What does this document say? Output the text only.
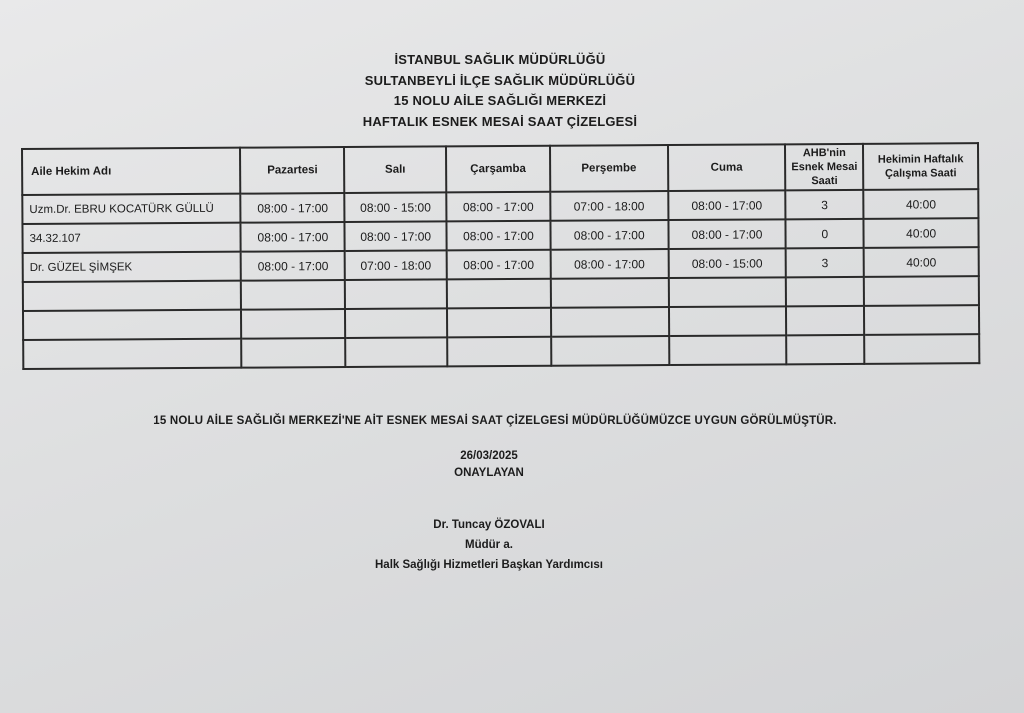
İSTANBUL SAĞLIK MÜDÜRLÜĞÜ
SULTANBEYLİ İLÇE SAĞLIK MÜDÜRLÜĞÜ
15 NOLU AİLE SAĞLIĞI MERKEZİ
HAFTALIK ESNEK MESAİ SAAT ÇİZELGESİ
Aile Hekim Adı	Pazartesi	Salı	Çarşamba	Perşembe	Cuma	AHB'nin Esnek Mesai Saati	Hekimin Haftalık Çalışma Saati
Uzm.Dr. EBRU KOCATÜRK GÜLLÜ	08:00 - 17:00	08:00 - 15:00	08:00 - 17:00	07:00 - 18:00	08:00 - 17:00	3	40:00
34.32.107	08:00 - 17:00	08:00 - 17:00	08:00 - 17:00	08:00 - 17:00	08:00 - 17:00	0	40:00
Dr. GÜZEL ŞİMŞEK	08:00 - 17:00	07:00 - 18:00	08:00 - 17:00	08:00 - 17:00	08:00 - 15:00	3	40:00

15 NOLU AİLE SAĞLIĞI MERKEZİ'NE AİT ESNEK MESAİ SAAT ÇİZELGESİ MÜDÜRLÜĞÜMÜZCE UYGUN GÖRÜLMÜŞTÜR.
26/03/2025
ONAYLAYAN
Dr. Tuncay ÖZOVALI
Müdür a.
Halk Sağlığı Hizmetleri Başkan Yardımcısı
